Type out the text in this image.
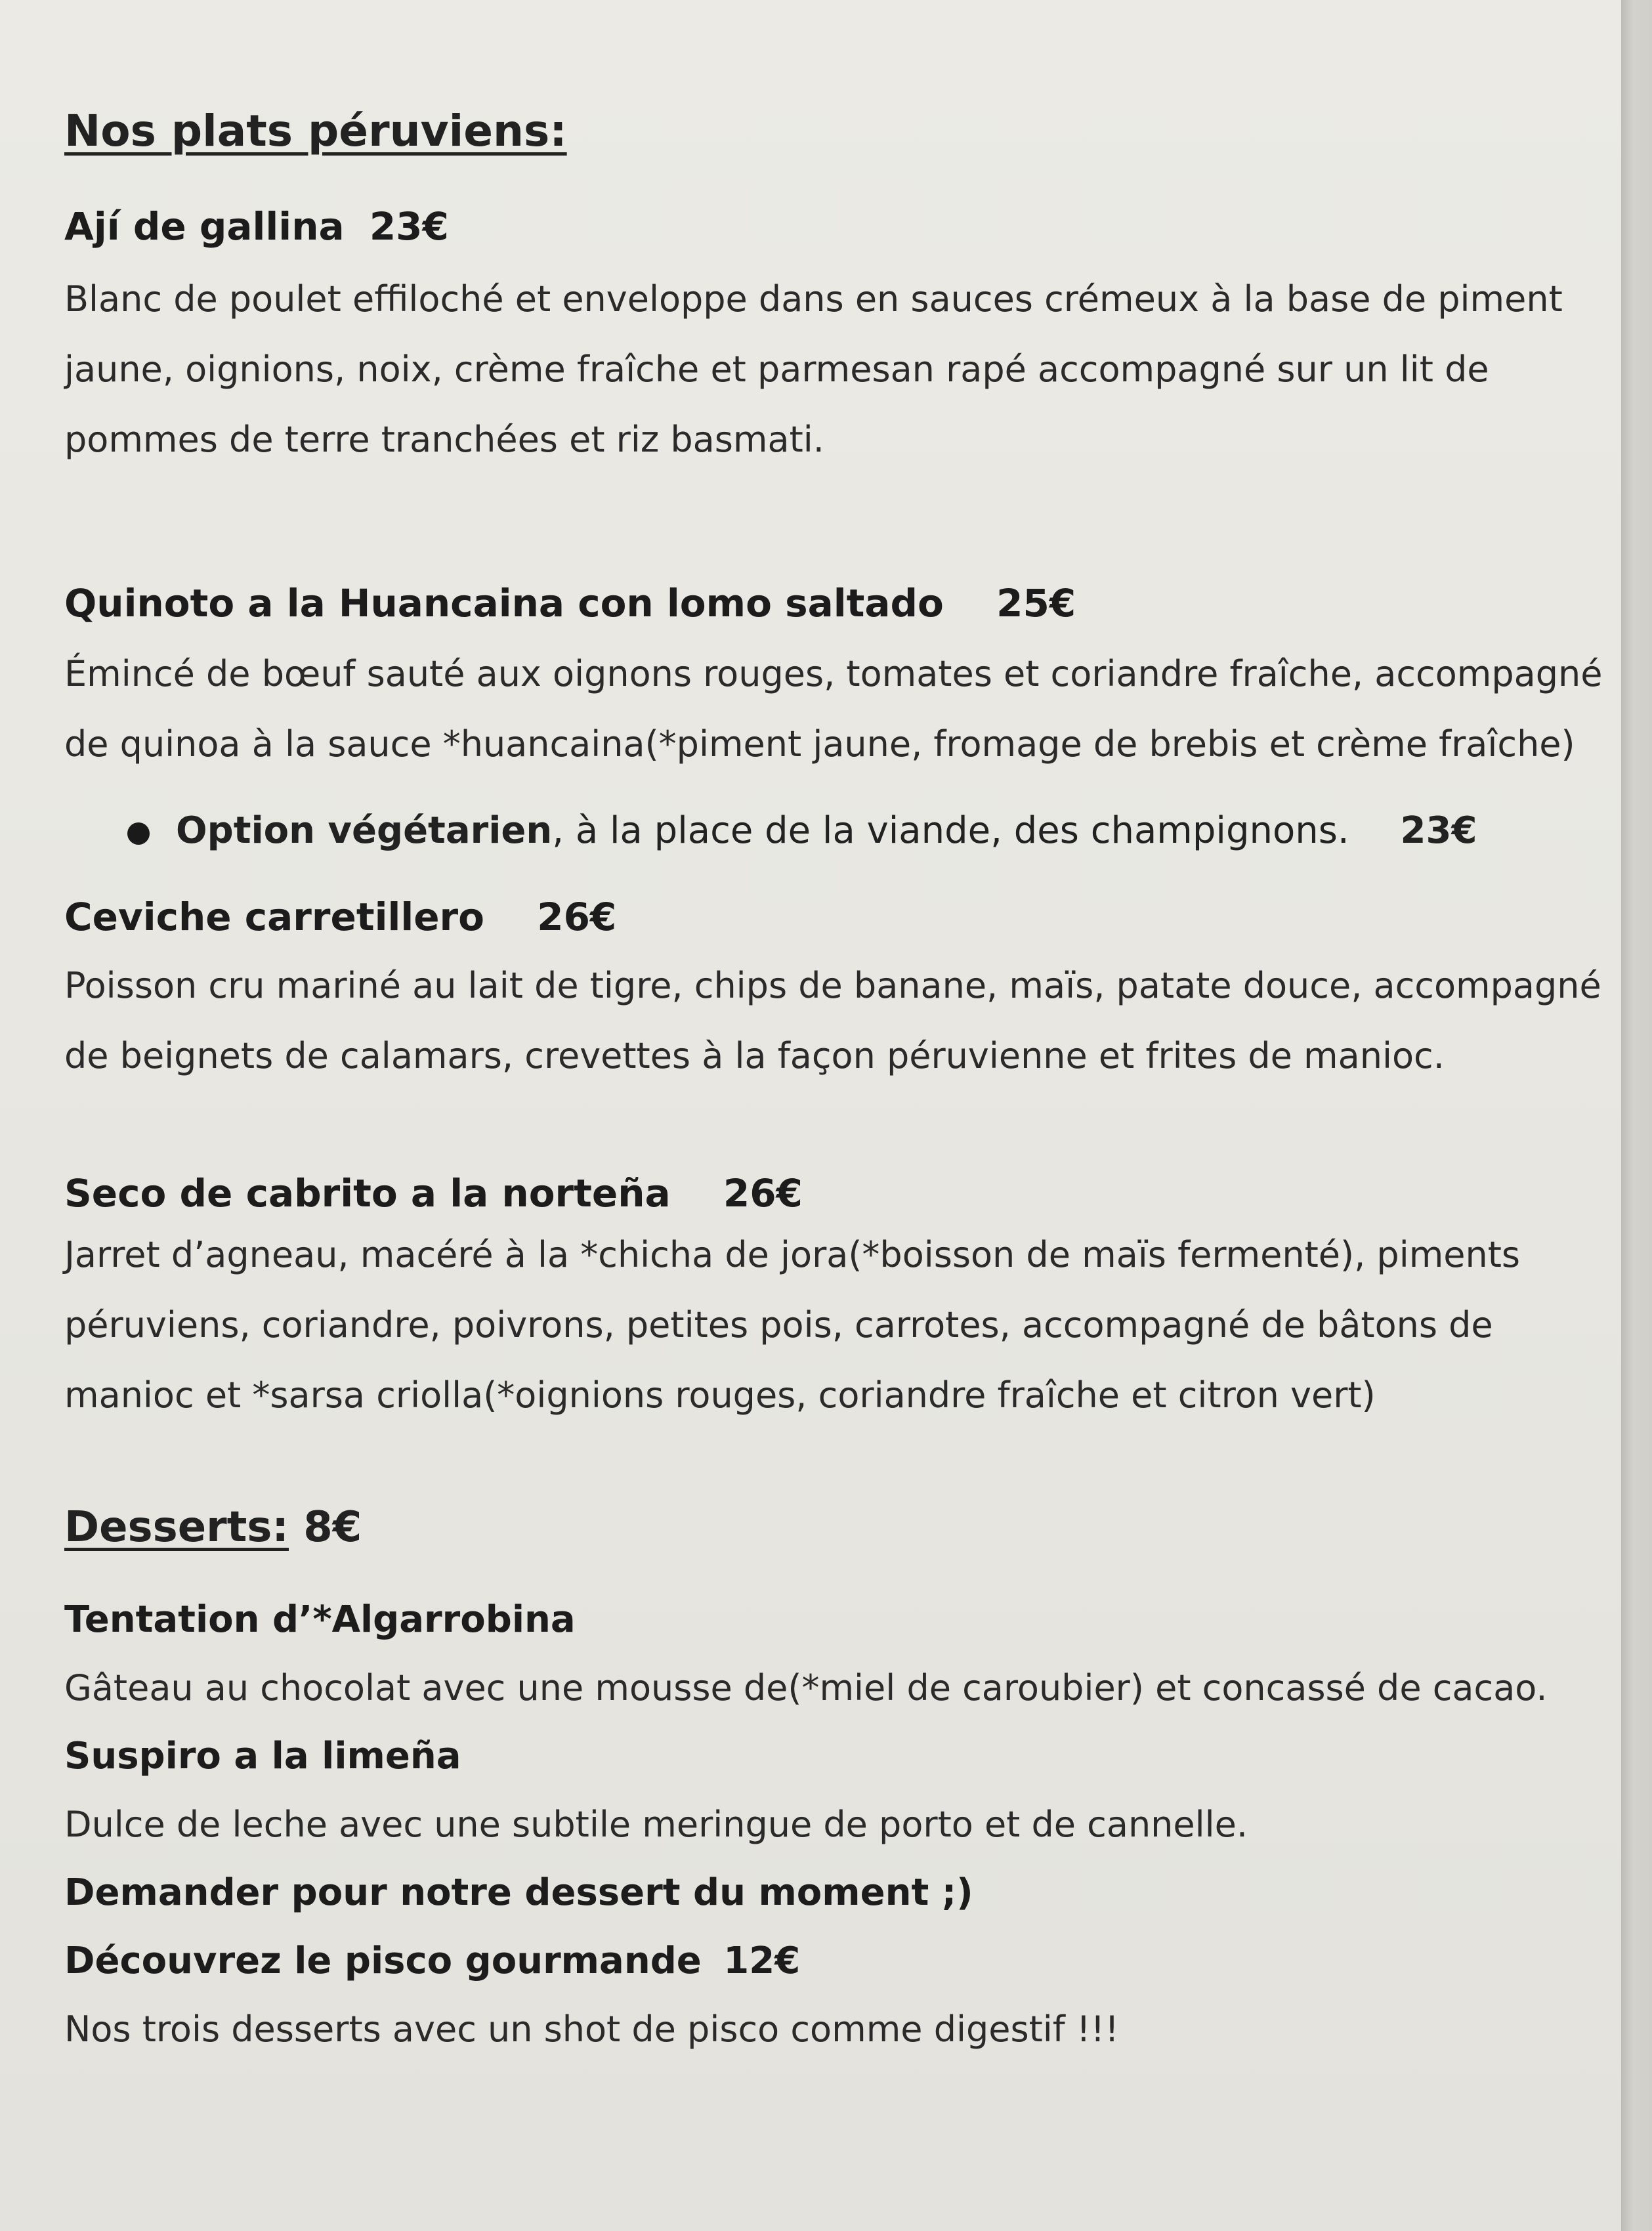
Nos plats péruviens:

Ají de gallina 23€

Blanc de poulet effiloché et enveloppe dans en sauces crémeux à la base de piment jaune, oignions, noix, crème fraîche et parmesan rapé accompagné sur un lit de pommes de terre tranchées et riz basmati.

Quinoto a la Huancaina con lomo saltado 25€

Émincé de bœuf sauté aux oignons rouges, tomates et coriandre fraîche, accompagné de quinoa à la sauce *huancaina(*piment jaune, fromage de brebis et crème fraîche)

Option végétarien, à la place de la viande, des champignons. 23€

Ceviche carretillero 26€

Poisson cru mariné au lait de tigre, chips de banane, maïs, patate douce, accompagné de beignets de calamars, crevettes à la façon péruvienne et frites de manioc.

Seco de cabrito a la norteña 26€

Jarret d’agneau, macéré à la *chicha de jora(*boisson de maïs fermenté), piments péruviens, coriandre, poivrons, petites pois, carrotes, accompagné de bâtons de manioc et *sarsa criolla(*oignions rouges, coriandre fraîche et citron vert)

Desserts: 8€

Tentation d’*Algarrobina

Gâteau au chocolat avec une mousse de(*miel de caroubier) et concassé de cacao.

Suspiro a la limeña

Dulce de leche avec une subtile meringue de porto et de cannelle.

Demander pour notre dessert du moment ;)

Découvrez le pisco gourmande 12€

Nos trois desserts avec un shot de pisco comme digestif !!!
